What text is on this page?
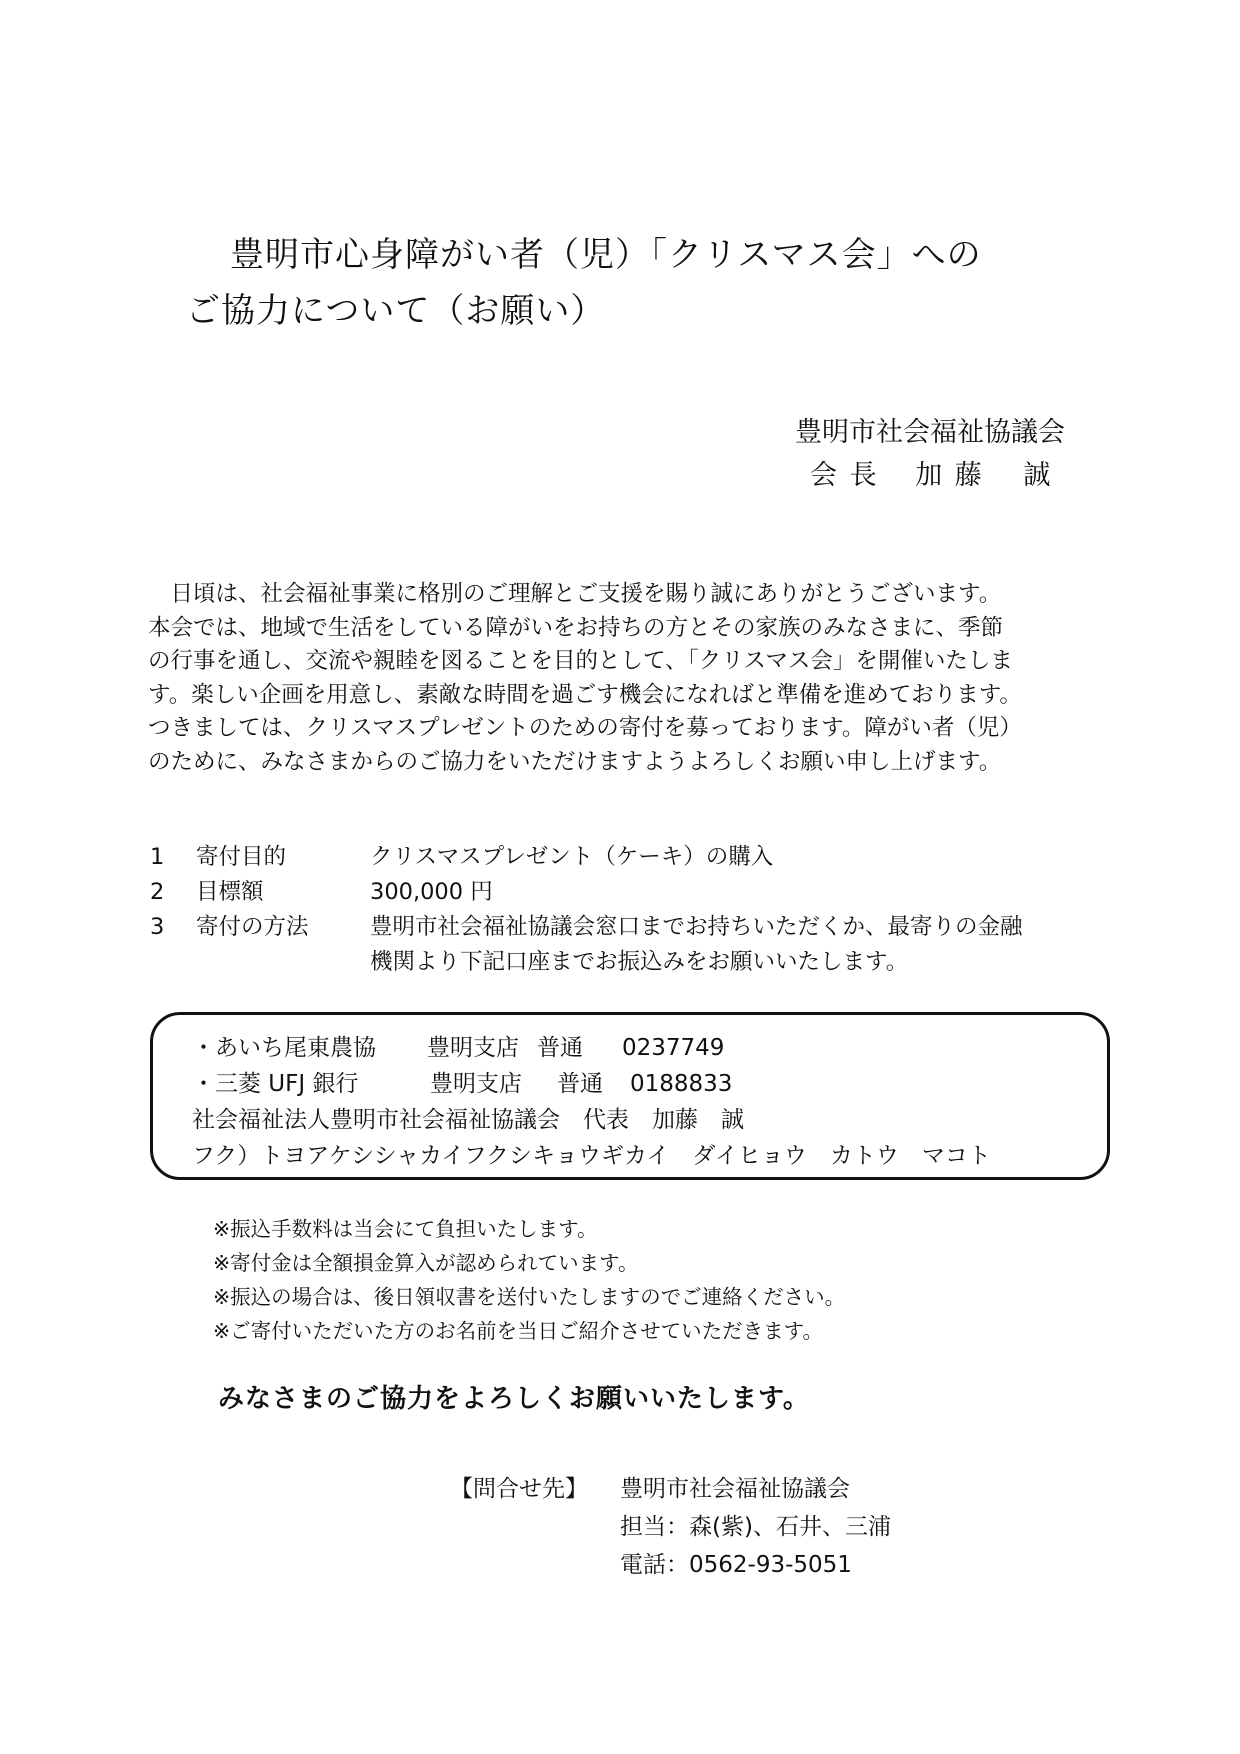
豊明市心身障がい者（児）「クリスマス会」への
ご協力について（お願い）
豊明市社会福祉協議会
会 長 加 藤　 誠
　日頃は、社会福祉事業に格別のご理解とご支援を賜り誠にありがとうございます。
本会では、地域で生活をしている障がいをお持ちの方とその家族のみなさまに、季節
の行事を通し、交流や親睦を図ることを目的として、「クリスマス会」を開催いたしま
す。楽しい企画を用意し、素敵な時間を過ごす機会になればと準備を進めております。
つきましては、クリスマスプレゼントのための寄付を募っております。障がい者（児）
のために、みなさまからのご協力をいただけますようよろしくお願い申し上げます。
1 寄付目的	クリスマスプレゼント（ケーキ）の購入
2 目標額	300,000 円
3 寄付の方法	豊明市社会福祉協議会窓口までお持ちいただくか、最寄りの金融
機関より下記口座までお振込みをお願いいたします。
・あいち尾東農協 豊明支店 普通 0237749
・三菱 UFJ 銀行	豊明支店 普通 0188833
社会福祉法人豊明市社会福祉協議会　代表　加藤　誠
フク）トヨアケシシャカイフクシキョウギカイ　ダイヒョウ　カトウ　マコト
※振込手数料は当会にて負担いたします。
※寄付金は全額損金算入が認められています。
※振込の場合は、後日領収書を送付いたしますのでご連絡ください。
※ご寄付いただいた方のお名前を当日ご紹介させていただきます。
みなさまのご協力をよろしくお願いいたします。
【問合せ先】 豊明市社会福祉協議会
担当：森(紫)、石井、三浦
電話：0562-93-5051
